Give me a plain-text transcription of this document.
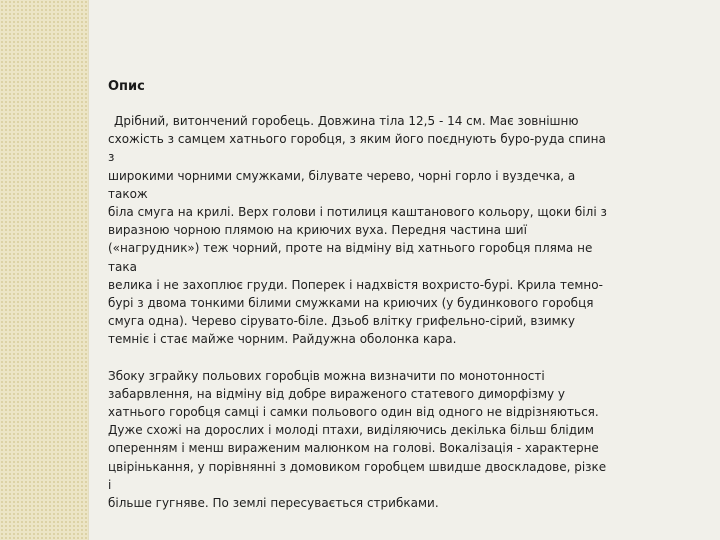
Опис

Дрібний, витончений горобець. Довжина тіла 12,5 - 14 см. Має зовнішню
схожість з самцем хатнього горобця, з яким його поєднують буро-руда спина з
широкими чорними смужками, білувате черево, чорні горло і вуздечка, а також
біла смуга на крилі. Верх голови і потилиця каштанового кольору, щоки білі з
виразною чорною плямою на криючих вуха. Передня частина шиї
(«нагрудник») теж чорний, проте на відміну від хатнього горобця пляма не така
велика і не захоплює груди. Поперек і надхвістя вохристо-бурі. Крила темно-
бурі з двома тонкими білими смужками на криючих (у будинкового горобця
смуга одна). Черево сірувато-біле. Дзьоб влітку грифельно-сірий, взимку
темніє і стає майже чорним. Райдужна оболонка кара.

Збоку зграйку польових горобців можна визначити по монотонності
забарвлення, на відміну від добре вираженого статевого диморфізму у
хатнього горобця самці і самки польового один від одного не відрізняються.
Дуже схожі на дорослих і молоді птахи, виділяючись декілька більш блідим
оперенням і менш вираженим малюнком на голові. Вокалізація - характерне
цвірінькання, у порівнянні з домовиком горобцем швидше двоскладове, різке і
більше гугняве. По землі пересувається стрибками.
